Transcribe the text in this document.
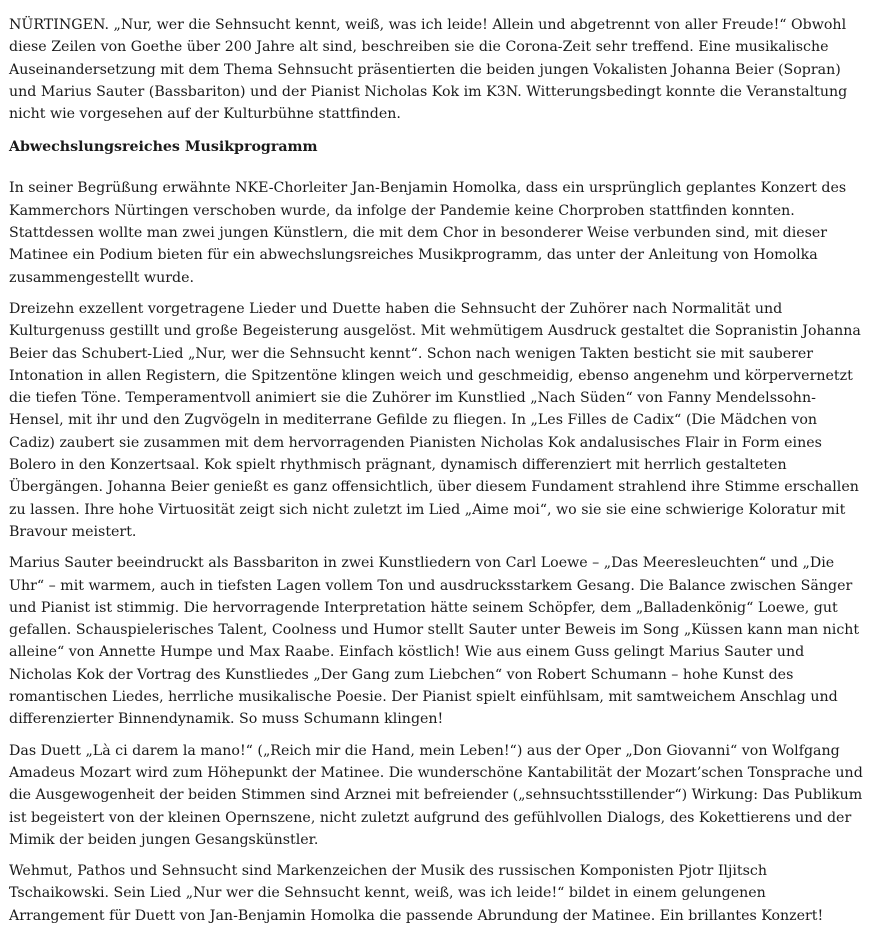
NÜRTINGEN. „Nur, wer die Sehnsucht kennt, weiß, was ich leide! Allein und abgetrennt von aller Freude!“ Obwohl diese Zeilen von Goethe über 200 Jahre alt sind, beschreiben sie die Corona-Zeit sehr treffend. Eine musikalische Auseinandersetzung mit dem Thema Sehnsucht präsentierten die beiden jungen Vokalisten Johanna Beier (Sopran) und Marius Sauter (Bassbariton) und der Pianist Nicholas Kok im K3N. Witterungsbedingt konnte die Veranstaltung nicht wie vorgesehen auf der Kulturbühne stattfinden.

Abwechslungsreiches Musikprogramm

In seiner Begrüßung erwähnte NKE-Chorleiter Jan-Benjamin Homolka, dass ein ursprünglich geplantes Konzert des Kammerchors Nürtingen verschoben wurde, da infolge der Pandemie keine Chorproben stattfinden konnten. Stattdessen wollte man zwei jungen Künstlern, die mit dem Chor in besonderer Weise verbunden sind, mit dieser Matinee ein Podium bieten für ein abwechslungsreiches Musikprogramm, das unter der Anleitung von Homolka zusammengestellt wurde.

Dreizehn exzellent vorgetragene Lieder und Duette haben die Sehnsucht der Zuhörer nach Normalität und Kulturgenuss gestillt und große Begeisterung ausgelöst. Mit wehmütigem Ausdruck gestaltet die Sopranistin Johanna Beier das Schubert-Lied „Nur, wer die Sehnsucht kennt“. Schon nach wenigen Takten besticht sie mit sauberer Intonation in allen Registern, die Spitzentöne klingen weich und geschmeidig, ebenso angenehm und körpervernetzt die tiefen Töne. Temperamentvoll animiert sie die Zuhörer im Kunstlied „Nach Süden“ von Fanny Mendelssohn-Hensel, mit ihr und den Zugvögeln in mediterrane Gefilde zu fliegen. In „Les Filles de Cadix“ (Die Mädchen von Cadiz) zaubert sie zusammen mit dem hervorragenden Pianisten Nicholas Kok andalusisches Flair in Form eines Bolero in den Konzertsaal. Kok spielt rhythmisch prägnant, dynamisch differenziert mit herrlich gestalteten Übergängen. Johanna Beier genießt es ganz offensichtlich, über diesem Fundament strahlend ihre Stimme erschallen zu lassen. Ihre hohe Virtuosität zeigt sich nicht zuletzt im Lied „Aime moi“, wo sie sie eine schwierige Koloratur mit Bravour meistert.

Marius Sauter beeindruckt als Bassbariton in zwei Kunstliedern von Carl Loewe – „Das Meeresleuchten“ und „Die Uhr“ – mit warmem, auch in tiefsten Lagen vollem Ton und ausdrucksstarkem Gesang. Die Balance zwischen Sänger und Pianist ist stimmig. Die hervorragende Interpretation hätte seinem Schöpfer, dem „Balladenkönig“ Loewe, gut gefallen. Schauspielerisches Talent, Coolness und Humor stellt Sauter unter Beweis im Song „Küssen kann man nicht alleine“ von Annette Humpe und Max Raabe. Einfach köstlich! Wie aus einem Guss gelingt Marius Sauter und Nicholas Kok der Vortrag des Kunstliedes „Der Gang zum Liebchen“ von Robert Schumann – hohe Kunst des romantischen Liedes, herrliche musikalische Poesie. Der Pianist spielt einfühlsam, mit samtweichem Anschlag und differenzierter Binnendynamik. So muss Schumann klingen!

Das Duett „Là ci darem la mano!“ („Reich mir die Hand, mein Leben!“) aus der Oper „Don Giovanni“ von Wolfgang Amadeus Mozart wird zum Höhepunkt der Matinee. Die wunderschöne Kantabilität der Mozart’schen Tonsprache und die Ausgewogenheit der beiden Stimmen sind Arznei mit befreiender („sehnsuchtsstillender“) Wirkung: Das Publikum ist begeistert von der kleinen Opernszene, nicht zuletzt aufgrund des gefühlvollen Dialogs, des Kokettierens und der Mimik der beiden jungen Gesangskünstler.

Wehmut, Pathos und Sehnsucht sind Markenzeichen der Musik des russischen Komponisten Pjotr Iljitsch Tschaikowski. Sein Lied „Nur wer die Sehnsucht kennt, weiß, was ich leide!“ bildet in einem gelungenen Arrangement für Duett von Jan-Benjamin Homolka die passende Abrundung der Matinee. Ein brillantes Konzert!
